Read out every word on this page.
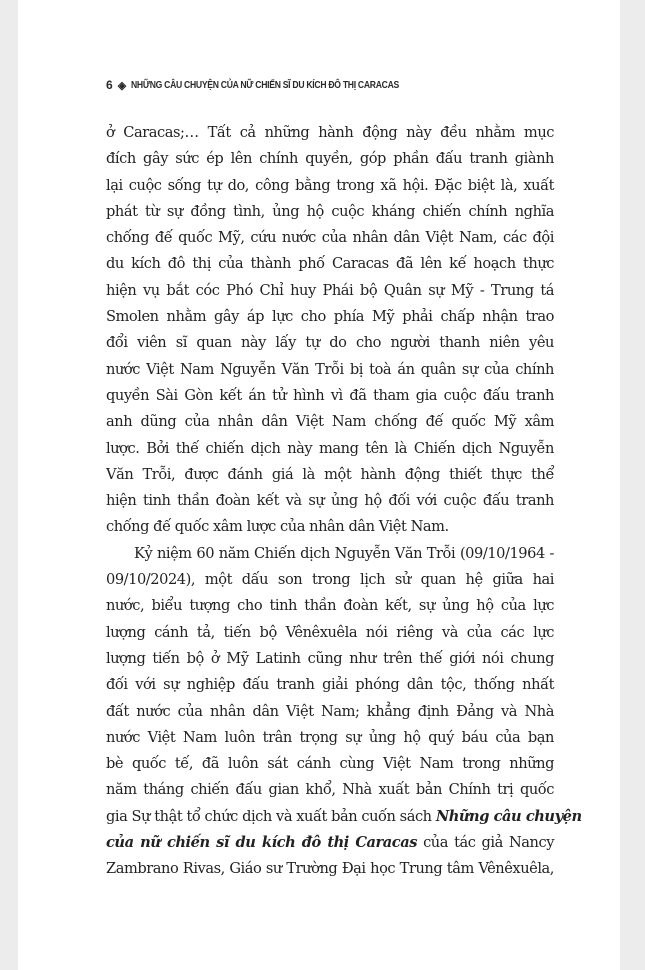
6 ◈ NHỮNG CÂU CHUYỆN CỦA NỮ CHIẾN SĨ DU KÍCH ĐÔ THỊ CARACAS
ở Caracas;… Tất cả những hành động này đều nhằm mục
đích gây sức ép lên chính quyền, góp phần đấu tranh giành
lại cuộc sống tự do, công bằng trong xã hội. Đặc biệt là, xuất
phát từ sự đồng tình, ủng hộ cuộc kháng chiến chính nghĩa
chống đế quốc Mỹ, cứu nước của nhân dân Việt Nam, các đội
du kích đô thị của thành phố Caracas đã lên kế hoạch thực
hiện vụ bắt cóc Phó Chỉ huy Phái bộ Quân sự Mỹ - Trung tá
Smolen nhằm gây áp lực cho phía Mỹ phải chấp nhận trao
đổi viên sĩ quan này lấy tự do cho người thanh niên yêu
nước Việt Nam Nguyễn Văn Trỗi bị toà án quân sự của chính
quyền Sài Gòn kết án tử hình vì đã tham gia cuộc đấu tranh
anh dũng của nhân dân Việt Nam chống đế quốc Mỹ xâm
lược. Bởi thế chiến dịch này mang tên là Chiến dịch Nguyễn
Văn Trỗi, được đánh giá là một hành động thiết thực thể
hiện tinh thần đoàn kết và sự ủng hộ đối với cuộc đấu tranh
chống đế quốc xâm lược của nhân dân Việt Nam.
Kỷ niệm 60 năm Chiến dịch Nguyễn Văn Trỗi (09/10/1964 -
09/10/2024), một dấu son trong lịch sử quan hệ giữa hai
nước, biểu tượng cho tinh thần đoàn kết, sự ủng hộ của lực
lượng cánh tả, tiến bộ Vênêxuêla nói riêng và của các lực
lượng tiến bộ ở Mỹ Latinh cũng như trên thế giới nói chung
đối với sự nghiệp đấu tranh giải phóng dân tộc, thống nhất
đất nước của nhân dân Việt Nam; khẳng định Đảng và Nhà
nước Việt Nam luôn trân trọng sự ủng hộ quý báu của bạn
bè quốc tế, đã luôn sát cánh cùng Việt Nam trong những
năm tháng chiến đấu gian khổ, Nhà xuất bản Chính trị quốc
gia Sự thật tổ chức dịch và xuất bản cuốn sách Những câu chuyện
của nữ chiến sĩ du kích đô thị Caracas của tác giả Nancy
Zambrano Rivas, Giáo sư Trường Đại học Trung tâm Vênêxuêla,
